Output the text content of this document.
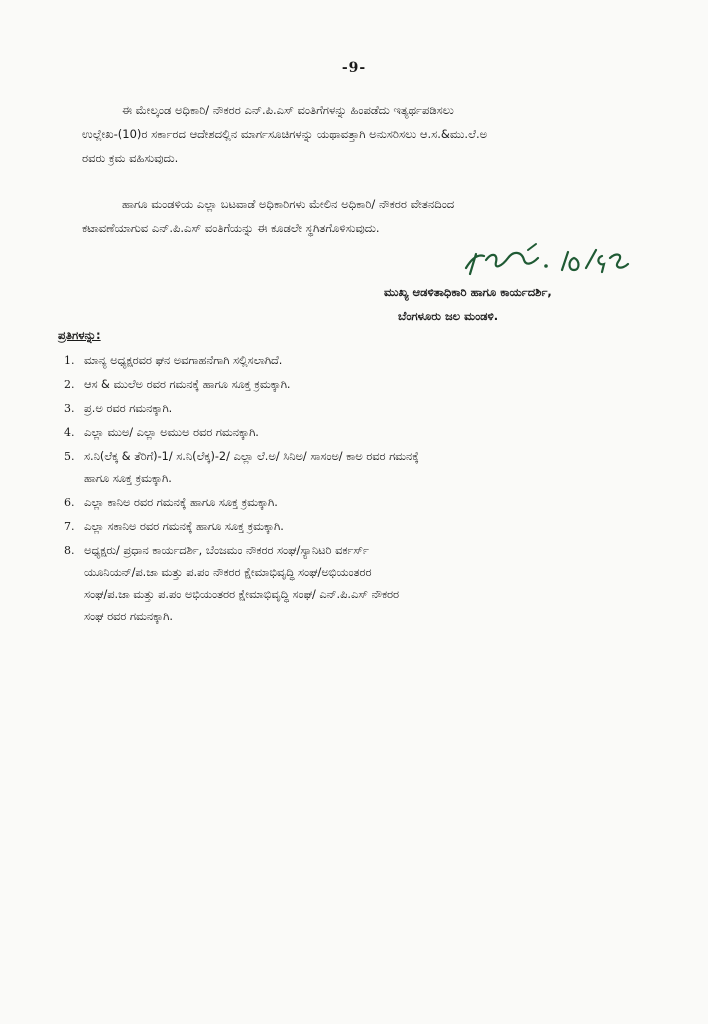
-9-
ಈ ಮೇಲ್ಕಂಡ ಅಧಿಕಾರಿ/ ನೌಕರರ ಎನ್.ಪಿ.ಎಸ್ ವಂತಿಗೆಗಳನ್ನು ಹಿಂಪಡೆದು ಇತ್ಯರ್ಥಪಡಿಸಲು
ಉಲ್ಲೇಖ-(10)ರ ಸರ್ಕಾರದ ಆದೇಶದಲ್ಲಿನ ಮಾರ್ಗಸೂಚಿಗಳನ್ನು ಯಥಾವತ್ತಾಗಿ ಅನುಸರಿಸಲು ಆ.ಸ.&ಮು.ಲೆ.ಅ
ರವರು ಕ್ರಮ ವಹಿಸುವುದು.
ಹಾಗೂ ಮಂಡಳಿಯ ಎಲ್ಲಾ ಬಟವಾಡೆ ಅಧಿಕಾರಿಗಳು ಮೇಲಿನ ಅಧಿಕಾರಿ/ ನೌಕರರ ವೇತನದಿಂದ
ಕಟಾವಣೆಯಾಗುವ ಎನ್.ಪಿ.ಎಸ್ ವಂತಿಗೆಯನ್ನು ಈ ಕೂಡಲೇ ಸ್ಥಗಿತಗೊಳಿಸುವುದು.
ಮುಖ್ಯ ಆಡಳಿತಾಧಿಕಾರಿ ಹಾಗೂ ಕಾರ್ಯದರ್ಶಿ,
ಬೆಂಗಳೂರು ಜಲ ಮಂಡಳಿ.
ಪ್ರತಿಗಳನ್ನು:
1. ಮಾನ್ಯ ಅಧ್ಯಕ್ಷರವರ ಘನ ಅವಗಾಹನೆಗಾಗಿ ಸಲ್ಲಿಸಲಾಗಿದೆ.
2. ಆಸ & ಮುಲೆಅ ರವರ ಗಮನಕ್ಕೆ ಹಾಗೂ ಸೂಕ್ತ ಕ್ರಮಕ್ಕಾಗಿ.
3. ಪ್ರ.ಅ ರವರ ಗಮನಕ್ಕಾಗಿ.
4. ಎಲ್ಲಾ ಮುಅ/ ಎಲ್ಲಾ ಅಮುಅ ರವರ ಗಮನಕ್ಕಾಗಿ.
5. ಸ.ನಿ(ಲೆಕ್ಕ & ತೆರಿಗೆ)-1/ ಸ.ನಿ(ಲೆಕ್ಕ)-2/ ಎಲ್ಲಾ ಲೆ.ಅ/ ಸಿನಿಅ/ ಸಾಸಂಅ/ ಕಾಅ ರವರ ಗಮನಕ್ಕೆ
ಹಾಗೂ ಸೂಕ್ತ ಕ್ರಮಕ್ಕಾಗಿ.
6. ಎಲ್ಲಾ ಕಾನಿಅ ರವರ ಗಮನಕ್ಕೆ ಹಾಗೂ ಸೂಕ್ತ ಕ್ರಮಕ್ಕಾಗಿ.
7. ಎಲ್ಲಾ ಸಕಾನಿಅ ರವರ ಗಮನಕ್ಕೆ ಹಾಗೂ ಸೂಕ್ತ ಕ್ರಮಕ್ಕಾಗಿ.
8. ಅಧ್ಯಕ್ಷರು/ ಪ್ರಧಾನ ಕಾರ್ಯದರ್ಶಿ, ಬೆಂಜಮಂ ನೌಕರರ ಸಂಘ/ಸ್ಯಾನಿಟರಿ ವರ್ಕರ್ಸ್
ಯೂನಿಯನ್/ಪ.ಜಾ ಮತ್ತು ಪ.ಪಂ ನೌಕರರ ಕ್ಷೇಮಾಭಿವೃದ್ಧಿ ಸಂಘ/ಅಭಿಯಂತರರ
ಸಂಘ/ಪ.ಜಾ ಮತ್ತು ಪ.ಪಂ ಅಭಿಯಂತರರ ಕ್ಷೇಮಾಭಿವೃದ್ಧಿ ಸಂಘ/ ಎನ್.ಪಿ.ಎಸ್ ನೌಕರರ
ಸಂಘ ರವರ ಗಮನಕ್ಕಾಗಿ.
